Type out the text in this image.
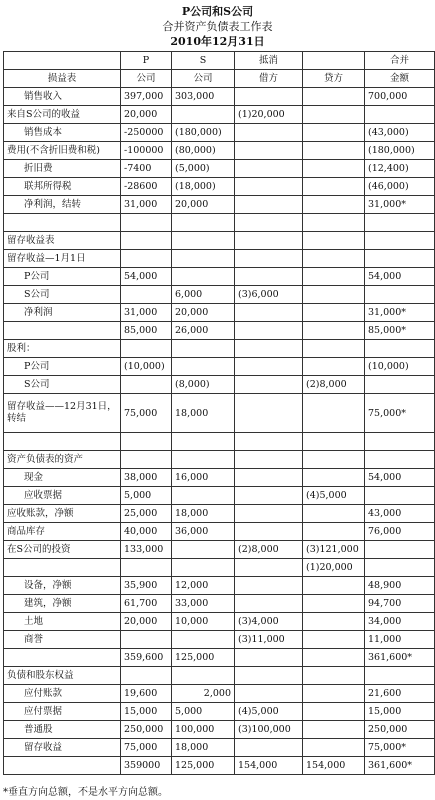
P公司和S公司
合并资产负债表工作表
2010年12月31日
	P	S	抵消		合并
损益表	公司	公司	借方	贷方	金额
销售收入	397,000	303,000			700,000
来自S公司的收益	20,000		(1)20,000		
销售成本	-250000	(180,000)			(43,000)
费用(不含折旧费和税)	-100000	(80,000)			(180,000)
折旧费	-7400	(5,000)			(12,400)
联邦所得税	-28600	(18,000)			(46,000)
净利润，结转	31,000	20,000			31,000*

留存收益表					
留存收益—1月1日					
P公司	54,000				54,000
S公司		6,000	(3)6,000		
净利润	31,000	20,000			31,000*
	85,000	26,000			85,000*
股利：					
P公司	(10,000)				(10,000)
S公司		(8,000)		(2)8,000	
留存收益——12月31日，转结	75,000	18,000			75,000*

资产负债表的资产					
现金	38,000	16,000			54,000
应收票据	5,000			(4)5,000	
应收账款，净额	25,000	18,000			43,000
商品库存	40,000	36,000			76,000
在S公司的投资	133,000		(2)8,000	(3)121,000	
				(1)20,000	
设备，净额	35,900	12,000			48,900
建筑，净额	61,700	33,000			94,700
土地	20,000	10,000	(3)4,000		34,000
商誉			(3)11,000		11,000
	359,600	125,000			361,600*
负债和股东权益					
应付账款	19,600	2,000			21,600
应付票据	15,000	5,000	(4)5,000		15,000
普通股	250,000	100,000	(3)100,000		250,000
留存收益	75,000	18,000			75,000*
	359000	125,000	154,000	154,000	361,600*
*垂直方向总额，不是水平方向总额。
